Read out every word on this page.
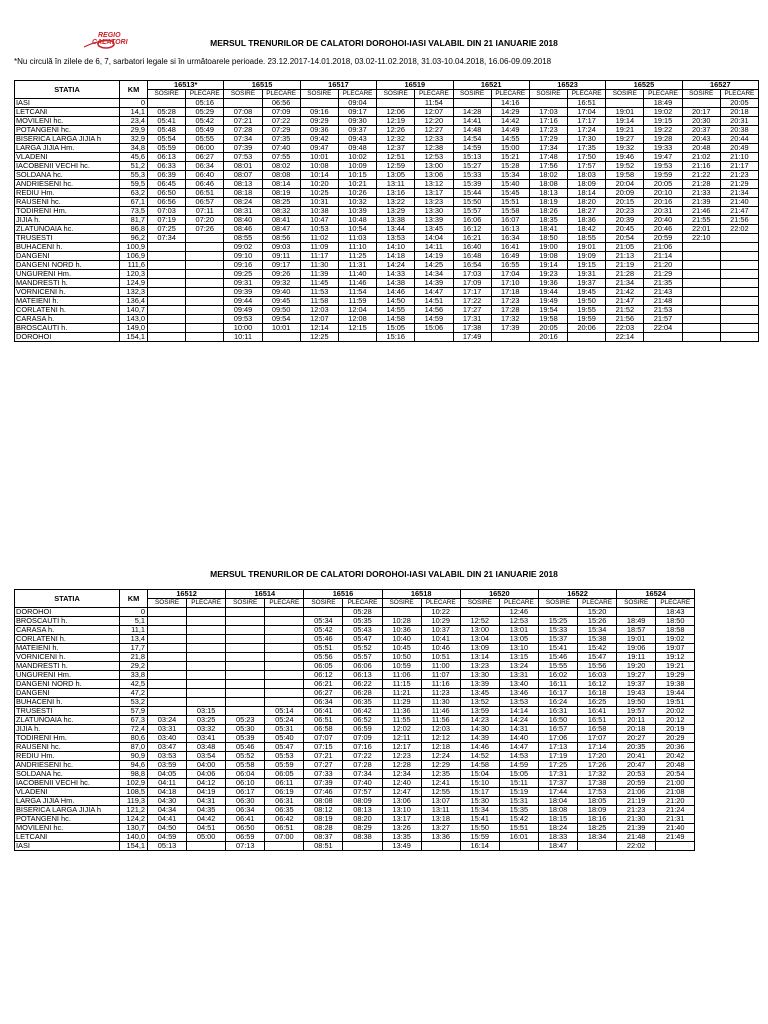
REGIO
CALATORI	MERSUL TRENURILOR DE CALATORI DOROHOI-IASI VALABIL DIN 21 IANUARIE 2018
*Nu circulă în zilele de 6, 7, sarbatori legale si în următoarele perioade. 23.12.2017-14.01.2018, 03.02-11.02.2018, 31.03-10.04.2018, 16.06-09.09.2018
STATIA	KM	16513*		16515		16517		16519		16521		16523		16525		16527	
		SOSIRE	PLECARE	SOSIRE	PLECARE	SOSIRE	PLECARE	SOSIRE	PLECARE	SOSIRE	PLECARE	SOSIRE	PLECARE	SOSIRE	PLECARE	SOSIRE	PLECARE
IASI	0		05:16		06:56		09:04		11:54		14:16		16:51		18:49		20:05
LETCANI	14,1	05:28	05:29	07:08	07:09	09:16	09:17	12:06	12:07	14:28	14:29	17:03	17:04	19:01	19:02	20:17	20:18
MOVILENI hc.	23,4	05:41	05:42	07:21	07:22	09:29	09:30	12:19	12:20	14:41	14:42	17:16	17:17	19:14	19:15	20:30	20:31
POTANGENI hc.	29,9	05:48	05:49	07:28	07:29	09:36	09:37	12:26	12:27	14:48	14:49	17:23	17:24	19:21	19:22	20:37	20:38
BISERICA LARGA JIJIA h	32,9	05:54	05:55	07:34	07:35	09:42	09:43	12:32	12:33	14:54	14:55	17:29	17:30	19:27	19:28	20:43	20:44
LARGA JIJIA Hm.	34,8	05:59	06:00	07:39	07:40	09:47	09:48	12:37	12:38	14:59	15:00	17:34	17:35	19:32	19:33	20:48	20:49
VLADENI	45,6	06:13	06:27	07:53	07:55	10:01	10:02	12:51	12:53	15:13	15:21	17:48	17:50	19:46	19:47	21:02	21:10
IACOBENII VECHI hc.	51,2	06:33	06:34	08:01	08:02	10:08	10:09	12:59	13:00	15:27	15:28	17:56	17:57	19:52	19:53	21:16	21:17
SOLDANA hc.	55,3	06:39	06:40	08:07	08:08	10:14	10:15	13:05	13:06	15:33	15:34	18:02	18:03	19:58	19:59	21:22	21:23
ANDRIESENI hc.	59,5	06:45	06:46	08:13	08:14	10:20	10:21	13:11	13:12	15:39	15:40	18:08	18:09	20:04	20:05	21:28	21:29
REDIU Hm.	63,2	06:50	06:51	08:18	08:19	10:25	10:26	13:16	13:17	15:44	15:45	18:13	18:14	20:09	20:10	21:33	21:34
RAUSENI hc.	67,1	06:56	06:57	08:24	08:25	10:31	10:32	13:22	13:23	15:50	15:51	18:19	18:20	20:15	20:16	21:39	21:40
TODIRENI Hm.	73,5	07:03	07:11	08:31	08:32	10:38	10:39	13:29	13:30	15:57	15:58	18:26	18:27	20:23	20:31	21:46	21:47
JIJIA h.	81,7	07:19	07:20	08:40	08:41	10:47	10:48	13:38	13:39	16:06	16:07	18:35	18:36	20:39	20:40	21:55	21:56
ZLATUNOAIA hc.	86,8	07:25	07:26	08:46	08:47	10:53	10:54	13:44	13:45	16:12	16:13	18:41	18:42	20:45	20:46	22:01	22:02
TRUSESTI	96,2	07:34		08:55	08:56	11:02	11:03	13:53	14:04	16:21	16:34	18:50	18:55	20:54	20:59	22:10	
BUHACENI h.	100,9			09:02	09:03	11:09	11:10	14:10	14:11	16:40	16:41	19:00	19:01	21:05	21:06		
DANGENI	106,9			09:10	09:11	11:17	11:25	14:18	14:19	16:48	16:49	19:08	19:09	21:13	21:14		
DANGENI NORD h.	111,6			09:16	09:17	11:30	11:31	14:24	14:25	16:54	16:55	19:14	19:15	21:19	21:20		
UNGURENI Hm.	120,3			09:25	09:26	11:39	11:40	14:33	14:34	17:03	17:04	19:23	19:31	21:28	21:29		
MANDRESTI h.	124,9			09:31	09:32	11:45	11:46	14:38	14:39	17:09	17:10	19:36	19:37	21:34	21:35		
VORNICENI h.	132,3			09:39	09:40	11:53	11:54	14:46	14:47	17:17	17:18	19:44	19:45	21:42	21:43		
MATEIENI h.	136,4			09:44	09:45	11:58	11:59	14:50	14:51	17:22	17:23	19:49	19:50	21:47	21:48		
CORLATENI h.	140,7			09:49	09:50	12:03	12:04	14:55	14:56	17:27	17:28	19:54	19:55	21:52	21:53		
CARASA h.	143,0			09:53	09:54	12:07	12:08	14:58	14:59	17:31	17:32	19:58	19:59	21:56	21:57		
BROSCAUTI h.	149,0			10:00	10:01	12:14	12:15	15:05	15:06	17:38	17:39	20:05	20:06	22:03	22:04		
DOROHOI	154,1			10:11		12:25		15:16		17:49		20:16		22:14			
MERSUL TRENURILOR DE CALATORI DOROHOI-IASI VALABIL DIN 21 IANUARIE 2018
STATIA	KM	16512		16514		16516		16518		16520		16522		16524	
		SOSIRE	PLECARE	SOSIRE	PLECARE	SOSIRE	PLECARE	SOSIRE	PLECARE	SOSIRE	PLECARE	SOSIRE	PLECARE	SOSIRE	PLECARE
DOROHOI	0						05:28		10:22		12:46		15:20		18:43
BROSCAUTI h.	5,1					05:34	05:35	10:28	10:29	12:52	12:53	15:25	15:26	18:49	18:50
CARASA h.	11,1					05:42	05:43	10:36	10:37	13:00	13:01	15:33	15:34	18:57	18:58
CORLATENI h.	13,4					05:46	05:47	10:40	10:41	13:04	13:05	15:37	15:38	19:01	19:02
MATEIENI h.	17,7					05:51	05:52	10:45	10:46	13:09	13:10	15:41	15:42	19:06	19:07
VORNICENI h.	21,8					05:56	05:57	10:50	10:51	13:14	13:15	15:46	15:47	19:11	19:12
MANDRESTI h.	29,2					06:05	06:06	10:59	11:00	13:23	13:24	15:55	15:56	19:20	19:21
UNGURENI Hm.	33,8					06:12	06:13	11:06	11:07	13:30	13:31	16:02	16:03	19:27	19:29
DANGENI NORD h.	42,5					06:21	06:22	11:15	11:16	13:39	13:40	16:11	16:12	19:37	19:38
DANGENI	47,2					06:27	06:28	11:21	11:23	13:45	13:46	16:17	16:18	19:43	19:44
BUHACENI h.	53,2					06:34	06:35	11:29	11:30	13:52	13:53	16:24	16:25	19:50	19:51
TRUSESTI	57,9		03:15		05:14	06:41	06:42	11:36	11:46	13:59	14:14	16:31	16:41	19:57	20:02
ZLATUNOAIA hc.	67,3	03:24	03:25	05:23	05:24	06:51	06:52	11:55	11:56	14:23	14:24	16:50	16:51	20:11	20:12
JIJIA h.	72,4	03:31	03:32	05:30	05:31	06:58	06:59	12:02	12:03	14:30	14:31	16:57	16:58	20:18	20:19
TODIRENI Hm.	80,6	03:40	03:41	05:39	05:40	07:07	07:09	12:11	12:12	14:39	14:40	17:06	17:07	20:27	20:29
RAUSENI hc.	87,0	03:47	03:48	05:46	05:47	07:15	07:16	12:17	12:18	14:46	14:47	17:13	17:14	20:35	20:36
REDIU Hm.	90,9	03:53	03:54	05:52	05:53	07:21	07:22	12:23	12:24	14:52	14:53	17:19	17:20	20:41	20:42
ANDRIESENI hc.	94,6	03:59	04:00	05:58	05:59	07:27	07:28	12:28	12:29	14:58	14:59	17:25	17:26	20:47	20:48
SOLDANA hc.	98,8	04:05	04:06	06:04	06:05	07:33	07:34	12:34	12:35	15:04	15:05	17:31	17:32	20:53	20:54
IACOBENII VECHI hc.	102,9	04:11	04:12	06:10	06:11	07:39	07:40	12:40	12:41	15:10	15:11	17:37	17:38	20:59	21:00
VLADENI	108,5	04:18	04:19	06:17	06:19	07:46	07:57	12:47	12:55	15:17	15:19	17:44	17:53	21:06	21:08
LARGA JIJIA Hm.	119,3	04:30	04:31	06:30	06:31	08:08	08:09	13:06	13:07	15:30	15:31	18:04	18:05	21:19	21:20
BISERICA LARGA JIJIA h	121,2	04:34	04:35	06:34	06:35	08:12	08:13	13:10	13:11	15:34	15:35	18:08	18:09	21:23	21:24
POTANGENI hc.	124,2	04:41	04:42	06:41	06:42	08:19	08:20	13:17	13:18	15:41	15:42	18:15	18:16	21:30	21:31
MOVILENI hc.	130,7	04:50	04:51	06:50	06:51	08:28	08:29	13:26	13:27	15:50	15:51	18:24	18:25	21:39	21:40
LETCANI	140,0	04:59	05:00	06:59	07:00	08:37	08:38	13:35	13:36	15:59	16:01	18:33	18:34	21:48	21:49
IASI	154,1	05:13		07:13		08:51		13:49		16:14		18:47		22:02	
